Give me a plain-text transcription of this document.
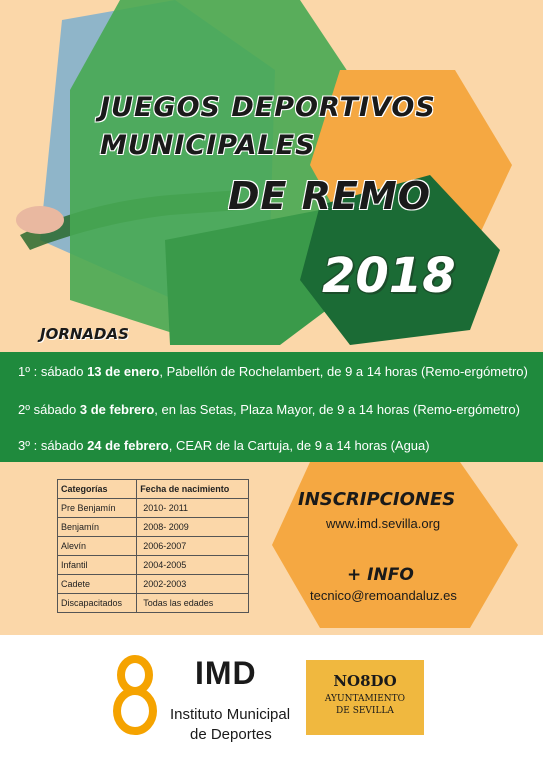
JUEGOS DEPORTIVOS
MUNICIPALES
DE REMO
2018
JORNADAS
1º : sábado 13 de enero, Pabellón de Rochelambert, de 9 a 14 horas (Remo-ergómetro)
2º sábado 3 de febrero, en las Setas, Plaza Mayor, de 9 a 14 horas (Remo-ergómetro)
3º : sábado 24 de febrero, CEAR de la Cartuja, de 9 a 14 horas (Agua)
Categorías	Fecha de nacimiento
Pre Benjamín	2010- 2011
Benjamín	2008- 2009
Alevín	2006-2007
Infantil	2004-2005
Cadete	2002-2003
Discapacitados	Todas las edades
INSCRIPCIONES
www.imd.sevilla.org
+ INFO
tecnico@remoandaluz.es
IMD
Instituto Municipal
de Deportes
NO8DO
AYUNTAMIENTO
DE SEVILLA
